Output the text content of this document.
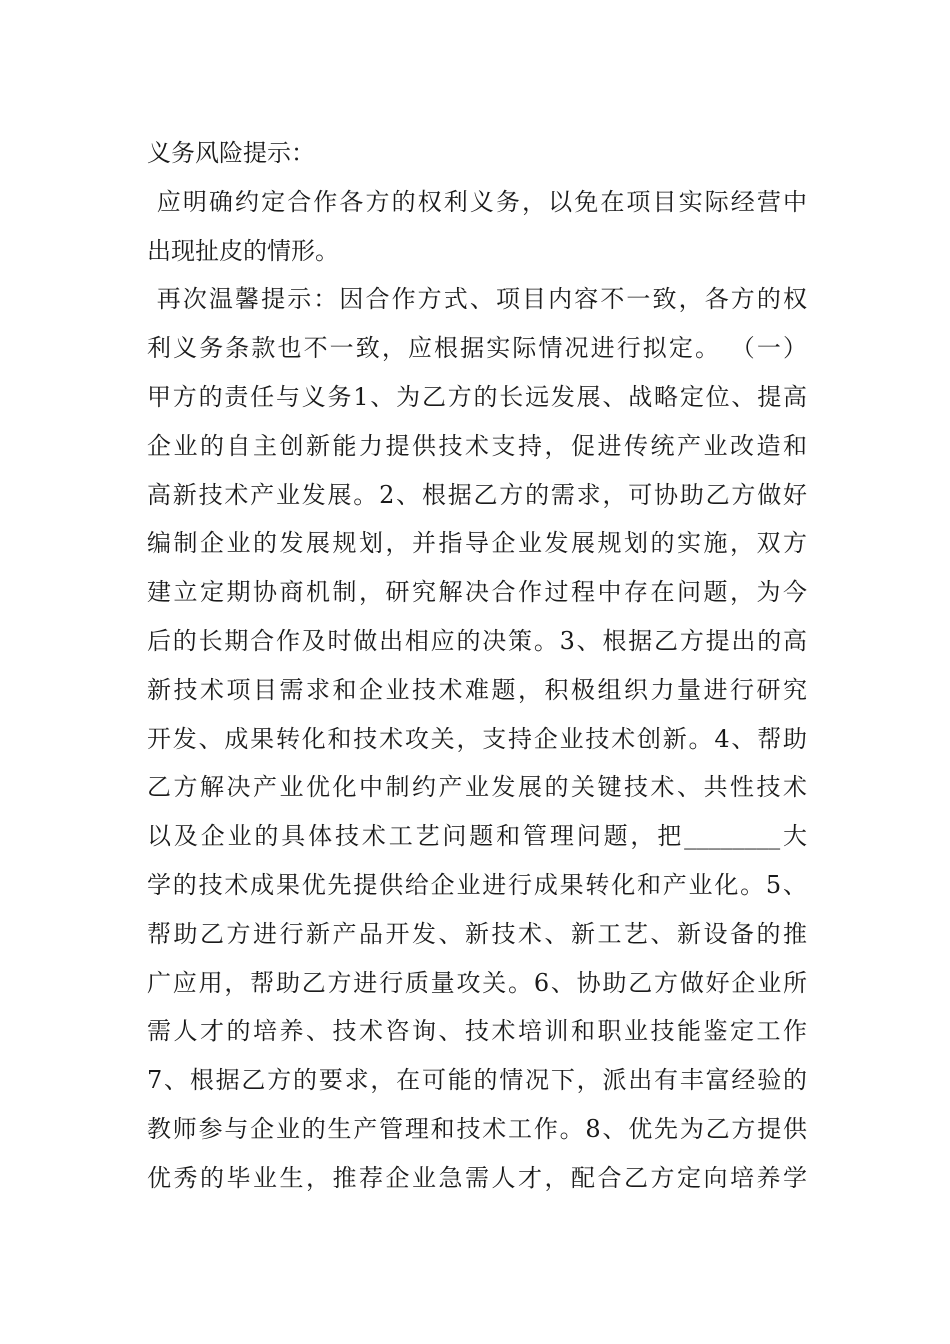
义务风险提示：
应明确约定合作各方的权利义务，以免在项目实际经营中
出现扯皮的情形。
再次温馨提示：因合作方式、项目内容不一致，各方的权
利义务条款也不一致，应根据实际情况进行拟定。 （一）
甲方的责任与义务1、为乙方的长远发展、战略定位、提高
企业的自主创新能力提供技术支持，促进传统产业改造和
高新技术产业发展。2、根据乙方的需求，可协助乙方做好
编制企业的发展规划，并指导企业发展规划的实施，双方
建立定期协商机制，研究解决合作过程中存在问题，为今
后的长期合作及时做出相应的决策。3、根据乙方提出的高
新技术项目需求和企业技术难题，积极组织力量进行研究
开发、成果转化和技术攻关，支持企业技术创新。4、帮助
乙方解决产业优化中制约产业发展的关键技术、共性技术
以及企业的具体技术工艺问题和管理问题，把________大
学的技术成果优先提供给企业进行成果转化和产业化。5、
帮助乙方进行新产品开发、新技术、新工艺、新设备的推
广应用，帮助乙方进行质量攻关。6、协助乙方做好企业所
需人才的培养、技术咨询、技术培训和职业技能鉴定工作
7、根据乙方的要求，在可能的情况下，派出有丰富经验的
教师参与企业的生产管理和技术工作。8、优先为乙方提供
优秀的毕业生，推荐企业急需人才，配合乙方定向培养学
